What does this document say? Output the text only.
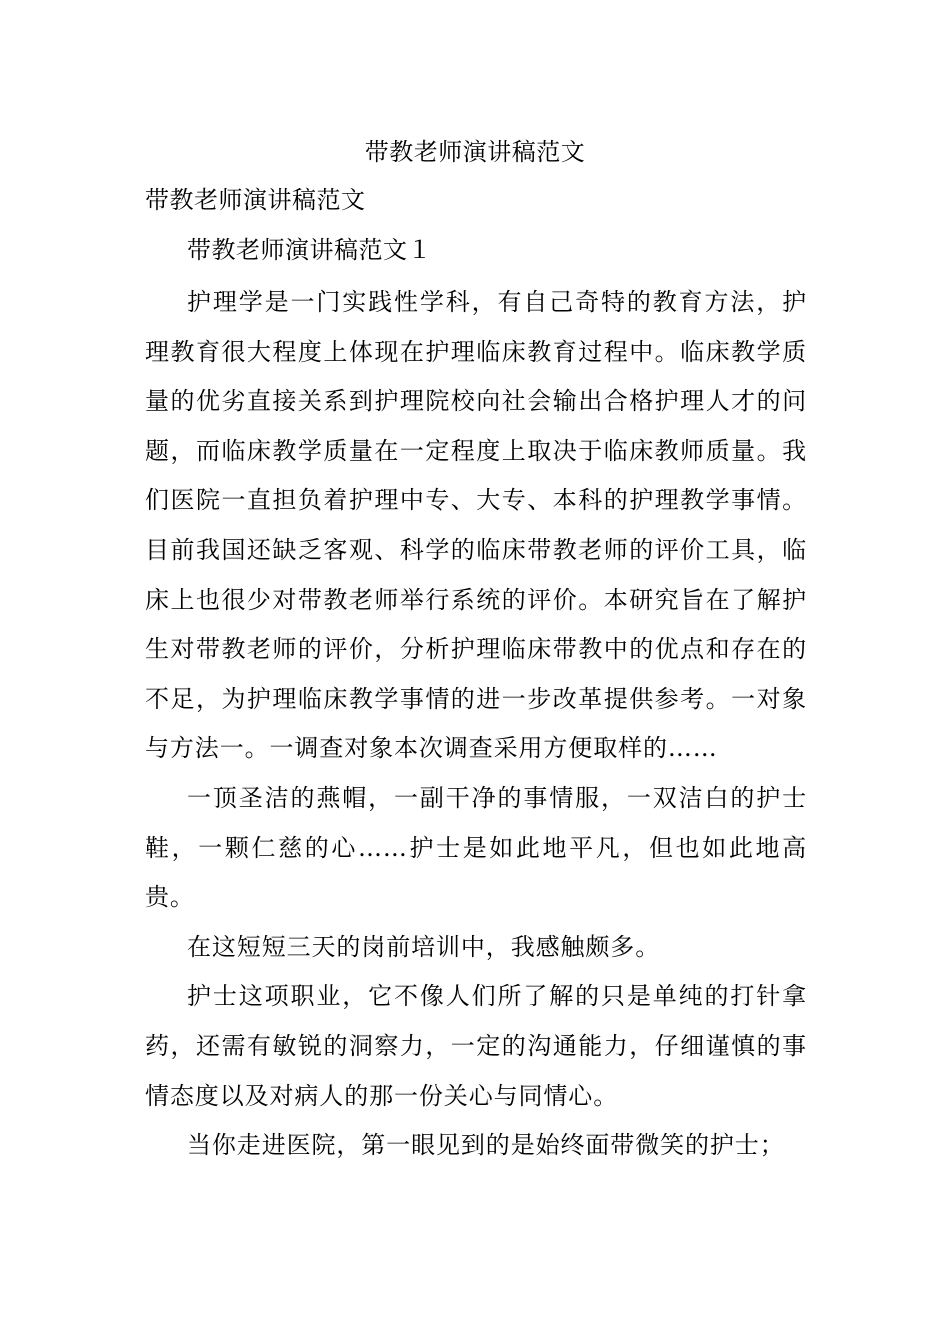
带教老师演讲稿范文
带教老师演讲稿范文
带教老师演讲稿范文１

护理学是一门实践性学科，有自己奇特的教育方法，护理教育很大程度上体现在护理临床教育过程中。临床教学质量的优劣直接关系到护理院校向社会输出合格护理人才的问题，而临床教学质量在一定程度上取决于临床教师质量。我们医院一直担负着护理中专、大专、本科的护理教学事情。目前我国还缺乏客观、科学的临床带教老师的评价工具，临床上也很少对带教老师举行系统的评价。本研究旨在了解护生对带教老师的评价，分析护理临床带教中的优点和存在的不足，为护理临床教学事情的进一步改革提供参考。一对象与方法一。一调查对象本次调查采用方便取样的……

一顶圣洁的燕帽，一副干净的事情服，一双洁白的护士鞋，一颗仁慈的心……护士是如此地平凡，但也如此地高贵。

在这短短三天的岗前培训中，我感触颇多。

护士这项职业，它不像人们所了解的只是单纯的打针拿药，还需有敏锐的洞察力，一定的沟通能力，仔细谨慎的事情态度以及对病人的那一份关心与同情心。

当你走进医院，第一眼见到的是始终面带微笑的护士；
